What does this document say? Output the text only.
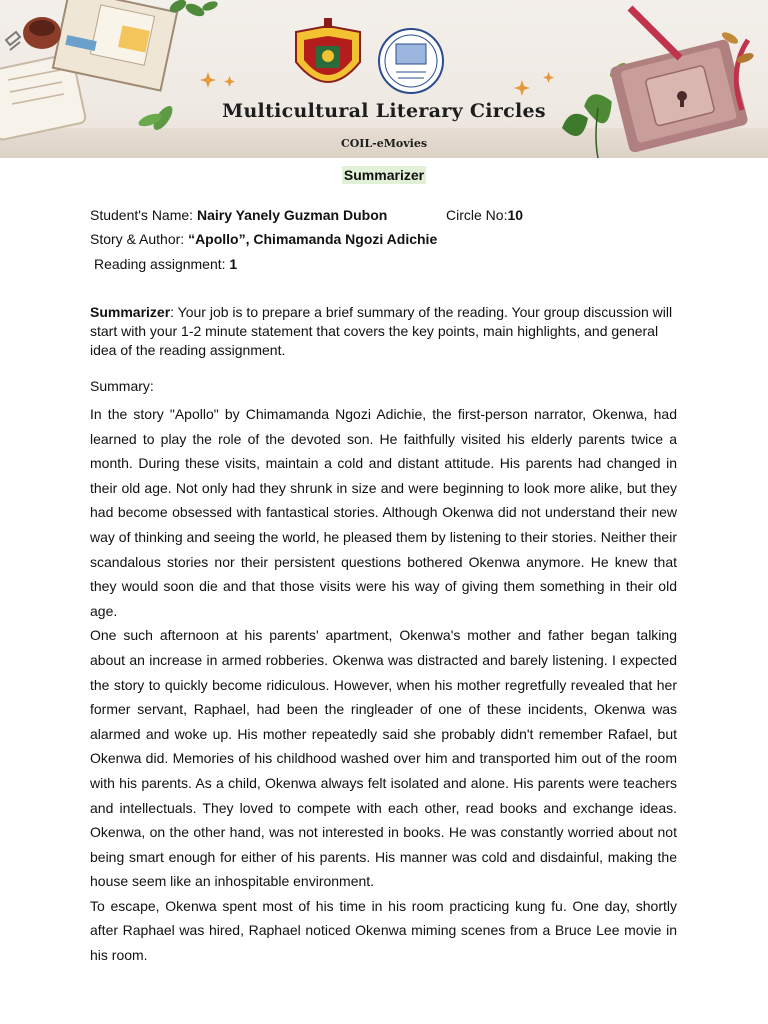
Multicultural Literary Circles
COIL-eMovies
Summarizer
Student's Name: Nairy Yanely Guzman Dubon	Circle No:10
Story & Author: “Apollo”, Chimamanda Ngozi Adichie
Reading assignment: 1
Summarizer: Your job is to prepare a brief summary of the reading. Your group discussion will start with your 1-2 minute statement that covers the key points, main highlights, and general idea of the reading assignment.
Summary:

In the story "Apollo" by Chimamanda Ngozi Adichie, the first-person narrator, Okenwa, had learned to play the role of the devoted son. He faithfully visited his elderly parents twice a month. During these visits, maintain a cold and distant attitude. His parents had changed in their old age. Not only had they shrunk in size and were beginning to look more alike, but they had become obsessed with fantastical stories. Although Okenwa did not understand their new way of thinking and seeing the world, he pleased them by listening to their stories. Neither their scandalous stories nor their persistent questions bothered Okenwa anymore. He knew that they would soon die and that those visits were his way of giving them something in their old age.

One such afternoon at his parents' apartment, Okenwa's mother and father began talking about an increase in armed robberies. Okenwa was distracted and barely listening. I expected the story to quickly become ridiculous. However, when his mother regretfully revealed that her former servant, Raphael, had been the ringleader of one of these incidents, Okenwa was alarmed and woke up. His mother repeatedly said she probably didn't remember Rafael, but Okenwa did. Memories of his childhood washed over him and transported him out of the room with his parents. As a child, Okenwa always felt isolated and alone. His parents were teachers and intellectuals. They loved to compete with each other, read books and exchange ideas. Okenwa, on the other hand, was not interested in books. He was constantly worried about not being smart enough for either of his parents. His manner was cold and disdainful, making the house seem like an inhospitable environment.

To escape, Okenwa spent most of his time in his room practicing kung fu. One day, shortly after Raphael was hired, Raphael noticed Okenwa miming scenes from a Bruce Lee movie in his room.
